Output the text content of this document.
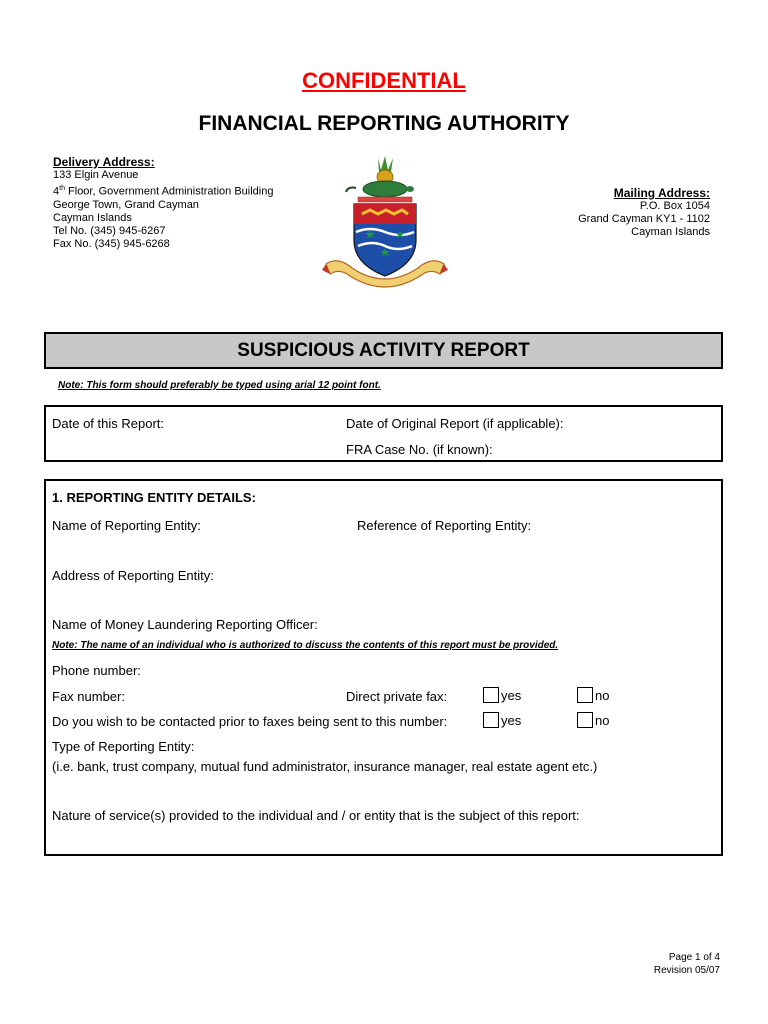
CONFIDENTIAL
FINANCIAL REPORTING AUTHORITY
Delivery Address:
133 Elgin Avenue
4th Floor, Government Administration Building
George Town, Grand Cayman
Cayman Islands
Tel No. (345) 945-6267
Fax No. (345) 945-6268
Mailing Address:
P.O. Box 1054
Grand Cayman KY1 - 1102
Cayman Islands
SUSPICIOUS ACTIVITY REPORT
Note: This form should preferably be typed using arial 12 point font.
Date of this Report:	Date of Original Report (if applicable):
FRA Case No. (if known):
1. REPORTING ENTITY DETAILS:
Name of Reporting Entity:	Reference of Reporting Entity:
Address of Reporting Entity:
Name of Money Laundering Reporting Officer:
Note: The name of an individual who is authorized to discuss the contents of this report must be provided.
Phone number:
Fax number:	Direct private fax:	yes	no
Do you wish to be contacted prior to faxes being sent to this number:	yes	no
Type of Reporting Entity:
(i.e. bank, trust company, mutual fund administrator, insurance manager, real estate agent etc.)
Nature of service(s) provided to the individual and / or entity that is the subject of this report:
Page 1 of 4
Revision 05/07
